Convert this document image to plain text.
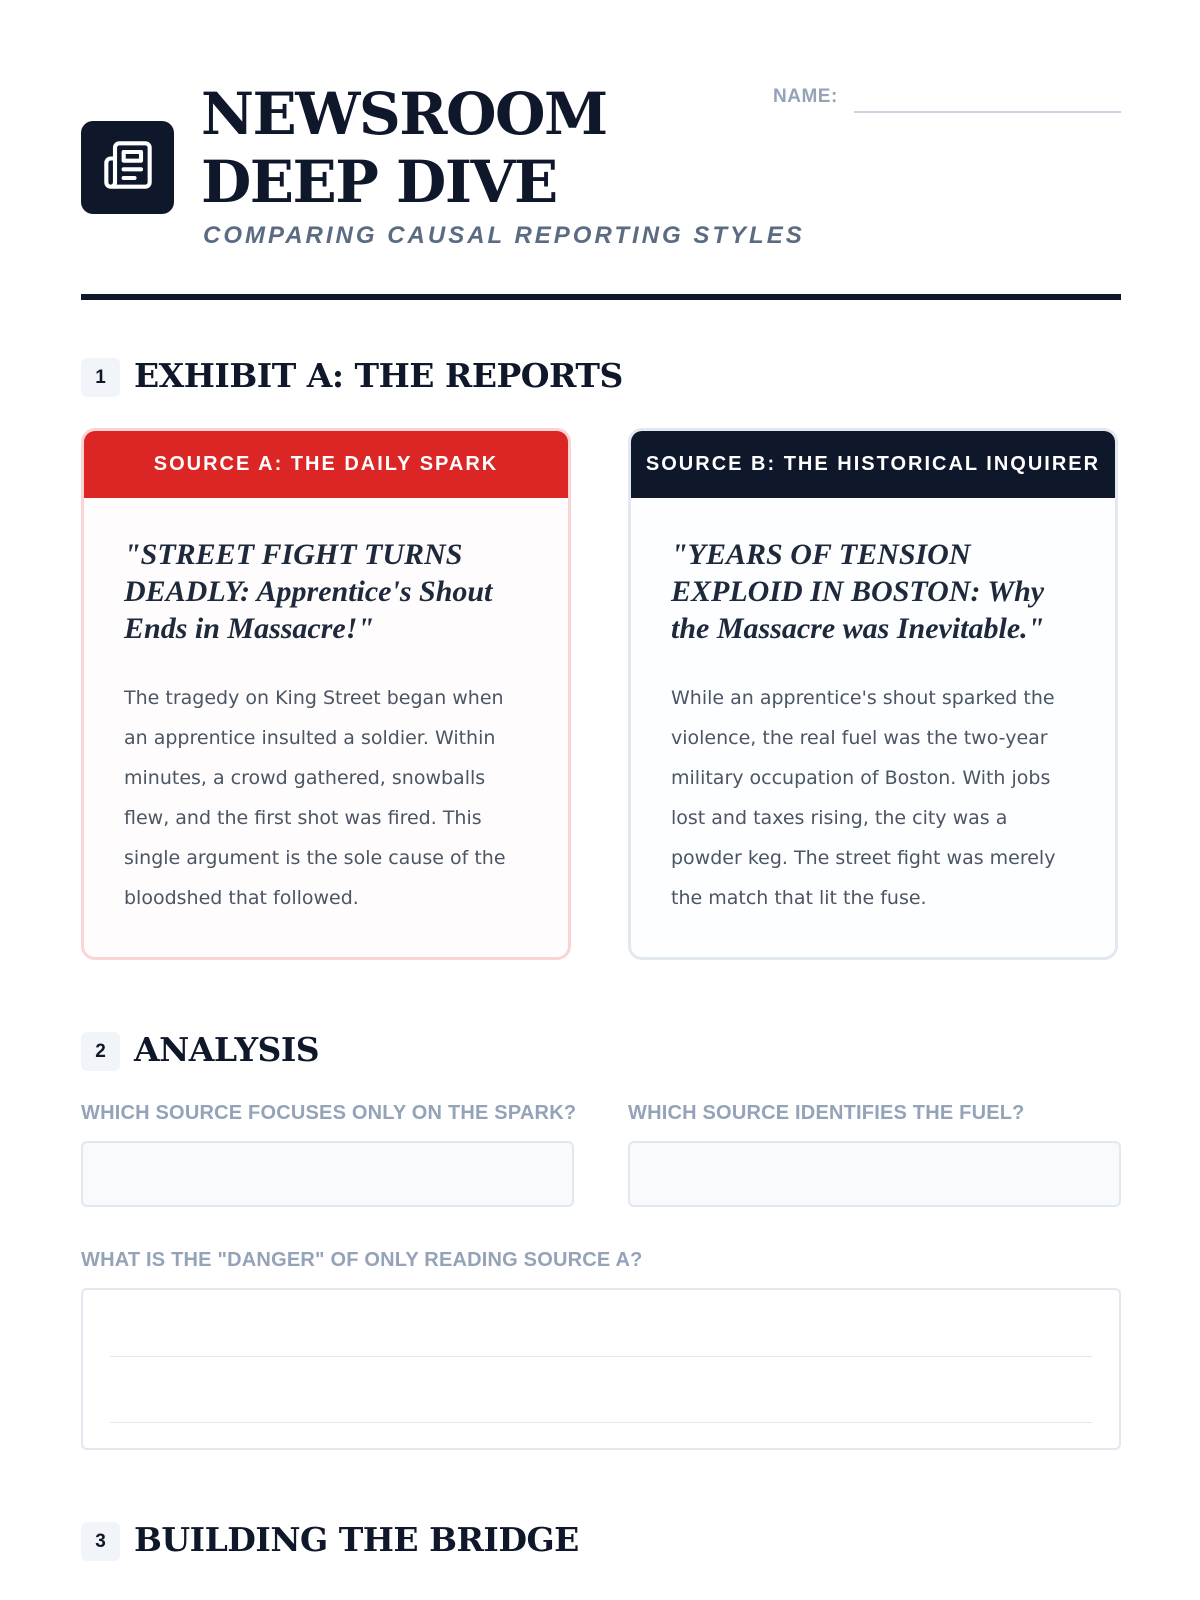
NEWSROOM DEEP DIVE

COMPARING CAUSAL REPORTING STYLES

NAME:
1 EXHIBIT A: THE REPORTS
SOURCE A: THE DAILY SPARK
"STREET FIGHT TURNS DEADLY: Apprentice's Shout Ends in Massacre!"
The tragedy on King Street began when an apprentice insulted a soldier. Within minutes, a crowd gathered, snowballs flew, and the first shot was fired. This single argument is the sole cause of the bloodshed that followed.
SOURCE B: THE HISTORICAL INQUIRER
"YEARS OF TENSION EXPLOID IN BOSTON: Why the Massacre was Inevitable."
While an apprentice's shout sparked the violence, the real fuel was the two-year military occupation of Boston. With jobs lost and taxes rising, the city was a powder keg. The street fight was merely the match that lit the fuse.
2 ANALYSIS
WHICH SOURCE FOCUSES ONLY ON THE SPARK?	WHICH SOURCE IDENTIFIES THE FUEL?
WHAT IS THE "DANGER" OF ONLY READING SOURCE A?
3 BUILDING THE BRIDGE
